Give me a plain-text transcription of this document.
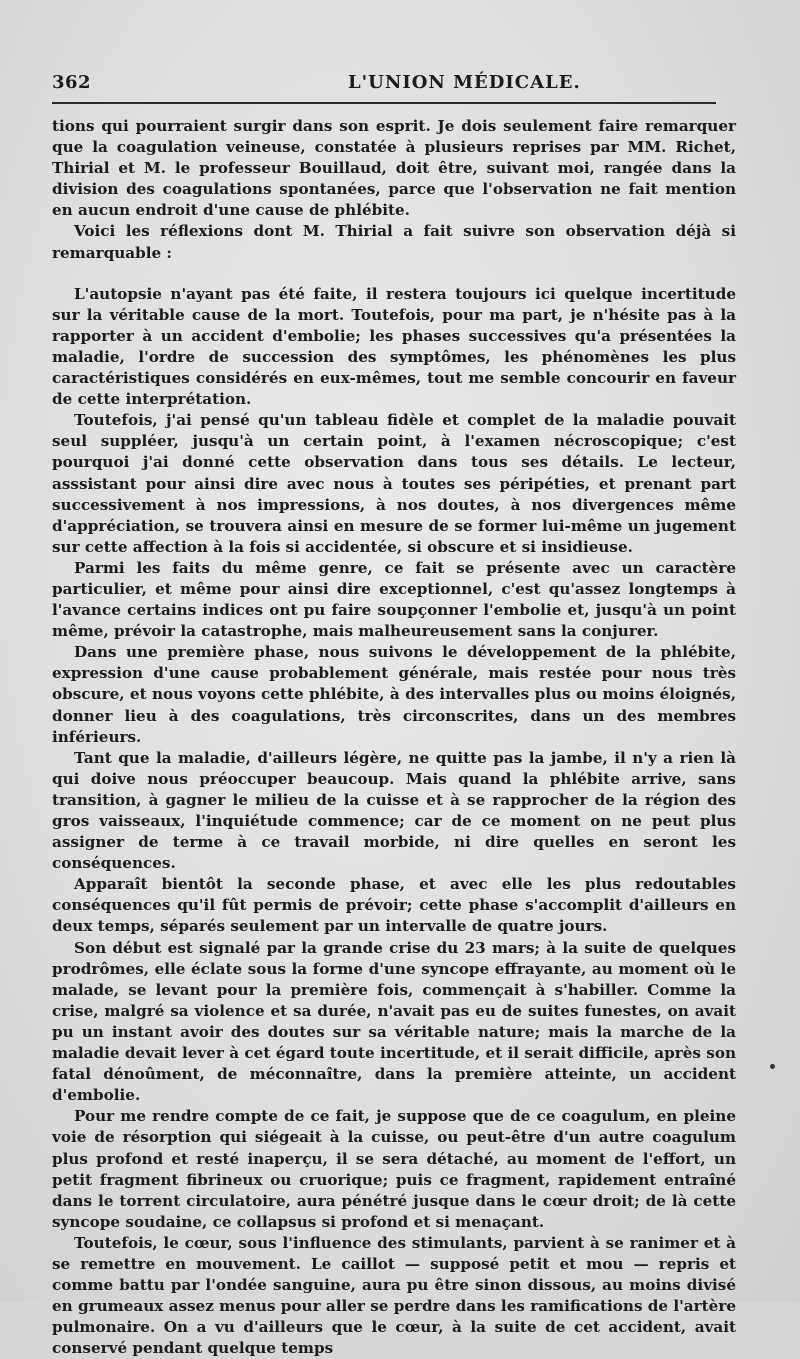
362	L'UNION MÉDICALE.

tions qui pourraient surgir dans son esprit. Je dois seulement faire remarquer que la coagulation veineuse, constatée à plusieurs reprises par MM. Richet, Thirial et M. le professeur Bouillaud, doit être, suivant moi, rangée dans la division des coagulations spontanées, parce que l'observation ne fait mention en aucun endroit d'une cause de phlébite.

Voici les réflexions dont M. Thirial a fait suivre son observation déjà si remarquable :

L'autopsie n'ayant pas été faite, il restera toujours ici quelque incertitude sur la véritable cause de la mort. Toutefois, pour ma part, je n'hésite pas à la rapporter à un accident d'embolie; les phases successives qu'a présentées la maladie, l'ordre de succession des symptômes, les phénomènes les plus caractéristiques considérés en eux-mêmes, tout me semble concourir en faveur de cette interprétation.

Toutefois, j'ai pensé qu'un tableau fidèle et complet de la maladie pouvait seul suppléer, jusqu'à un certain point, à l'examen nécroscopique; c'est pourquoi j'ai donné cette observation dans tous ses détails. Le lecteur, asssistant pour ainsi dire avec nous à toutes ses péripéties, et prenant part successivement à nos impressions, à nos doutes, à nos divergences même d'appréciation, se trouvera ainsi en mesure de se former lui-même un jugement sur cette affection à la fois si accidentée, si obscure et si insidieuse.

Parmi les faits du même genre, ce fait se présente avec un caractère particulier, et même pour ainsi dire exceptionnel, c'est qu'assez longtemps à l'avance certains indices ont pu faire soupçonner l'embolie et, jusqu'à un point même, prévoir la catastrophe, mais malheureusement sans la conjurer.

Dans une première phase, nous suivons le développement de la phlébite, expression d'une cause probablement générale, mais restée pour nous très obscure, et nous voyons cette phlébite, à des intervalles plus ou moins éloignés, donner lieu à des coagulations, très circonscrites, dans un des membres inférieurs.

Tant que la maladie, d'ailleurs légère, ne quitte pas la jambe, il n'y a rien là qui doive nous préoccuper beaucoup. Mais quand la phlébite arrive, sans transition, à gagner le milieu de la cuisse et à se rapprocher de la région des gros vaisseaux, l'inquiétude commence; car de ce moment on ne peut plus assigner de terme à ce travail morbide, ni dire quelles en seront les conséquences.

Apparaît bientôt la seconde phase, et avec elle les plus redoutables conséquences qu'il fût permis de prévoir; cette phase s'accomplit d'ailleurs en deux temps, séparés seulement par un intervalle de quatre jours.

Son début est signalé par la grande crise du 23 mars; à la suite de quelques prodrômes, elle éclate sous la forme d'une syncope effrayante, au moment où le malade, se levant pour la première fois, commençait à s'habiller. Comme la crise, malgré sa violence et sa durée, n'avait pas eu de suites funestes, on avait pu un instant avoir des doutes sur sa véritable nature; mais la marche de la maladie devait lever à cet égard toute incertitude, et il serait difficile, après son fatal dénoûment, de méconnaître, dans la première atteinte, un accident d'embolie.

Pour me rendre compte de ce fait, je suppose que de ce coagulum, en pleine voie de résorption qui siégeait à la cuisse, ou peut-être d'un autre coagulum plus profond et resté inaperçu, il se sera détaché, au moment de l'effort, un petit fragment fibrineux ou cruorique; puis ce fragment, rapidement entraîné dans le torrent circulatoire, aura pénétré jusque dans le cœur droit; de là cette syncope soudaine, ce collapsus si profond et si menaçant.

Toutefois, le cœur, sous l'influence des stimulants, parvient à se ranimer et à se remettre en mouvement. Le caillot — supposé petit et mou — repris et comme battu par l'ondée sanguine, aura pu être sinon dissous, au moins divisé en grumeaux assez menus pour aller se perdre dans les ramifications de l'artère pulmonaire. On a vu d'ailleurs que le cœur, à la suite de cet accident, avait conservé pendant quelque temps
